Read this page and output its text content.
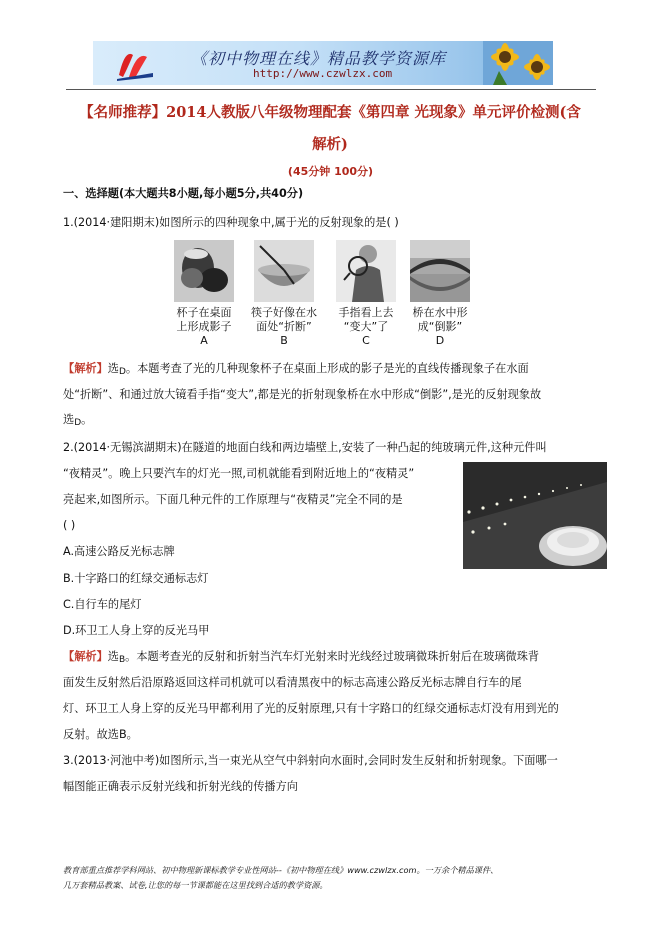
《初中物理在线》精品教学资源库
http://www.czwlzx.com
【名师推荐】2014人教版八年级物理配套《第四章 光现象》单元评价检测(含
解析)
(45分钟 100分)
一、选择题(本大题共8小题,每小题5分,共40分)
1.(2014·建阳期末)如图所示的四种现象中,属于光的反射现象的是( )
杯子在桌面
上形成影子
A
筷子好像在水
面处“折断”
B
手指看上去
“变大”了
C
桥在水中形
成“倒影”
D
【解析】选D。本题考查了光的几种现象杯子在桌面上形成的影子是光的直线传播现象子在水面
处“折断”、和通过放大镜看手指“变大”,都是光的折射现象桥在水中形成“倒影”,是光的反射现象故
选D。
2.(2014·无锡滨湖期末)在隧道的地面白线和两边墙壁上,安装了一种凸起的纯玻璃元件,这种元件叫
“夜精灵”。晚上只要汽车的灯光一照,司机就能看到附近地上的“夜精灵”
亮起来,如图所示。下面几种元件的工作原理与“夜精灵”完全不同的是
( )
A.高速公路反光标志牌
B.十字路口的红绿交通标志灯
C.自行车的尾灯
D.环卫工人身上穿的反光马甲
【解析】选B。本题考查光的反射和折射当汽车灯光射来时光线经过玻璃微珠折射后在玻璃微珠背
面发生反射然后沿原路返回这样司机就可以看清黑夜中的标志高速公路反光标志牌自行车的尾
灯、环卫工人身上穿的反光马甲都利用了光的反射原理,只有十字路口的红绿交通标志灯没有用到光的
反射。故选B。
3.(2013·河池中考)如图所示,当一束光从空气中斜射向水面时,会同时发生反射和折射现象。下面哪一
幅图能正确表示反射光线和折射光线的传播方向
教育部重点推荐学科网站、初中物理新课标教学专业性网站--《初中物理在线》www.czwlzx.com。一万余个精品课件、
几万套精品教案、试卷,让您的每一节课都能在这里找到合适的教学资源。
